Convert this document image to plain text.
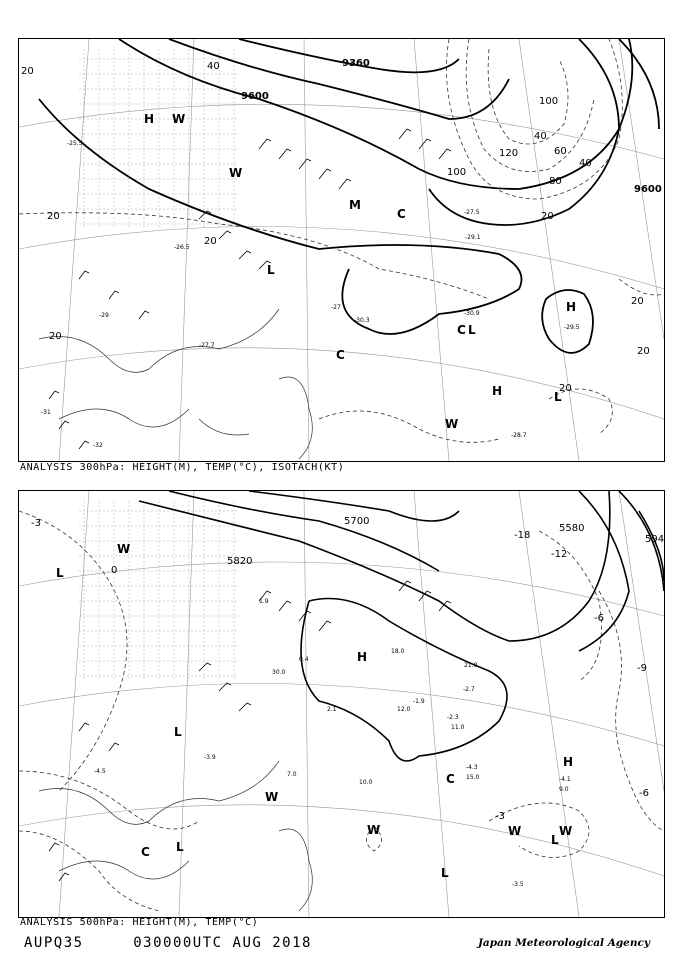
9360
9600
9600
20
20
20
20
20
20
20
20
40
40
40
60
80
100
100
120
H
H
H
L
L
L
C
C
C
W
W
W
M
-25.5
-26.5
-27
-27.5
-27.7
-28.7
-29
-29.1
-29.5
-30.3
-30.9
-31
-32
ANALYSIS 300hPa: HEIGHT(M), TEMP(°C), ISOTACH(KT)
5580
5700
5820
594
-3
-3
-6
-6
-9
-12
-18
0
H
H
L
L
L
L
L
C
C
W
W
W	W	W
-4.5
-4.3
-4.1
-3.5
-3.9
-2.3
-2.7
-1.9
0.4
1.9
2.1
7.0
9.0
10.0
11.0
12.0
15.0
18.0
21.0
30.0
ANALYSIS 500hPa: HEIGHT(M), TEMP(°C)
AUPQ35	030000UTC AUG 2018	Japan Meteorological Agency
